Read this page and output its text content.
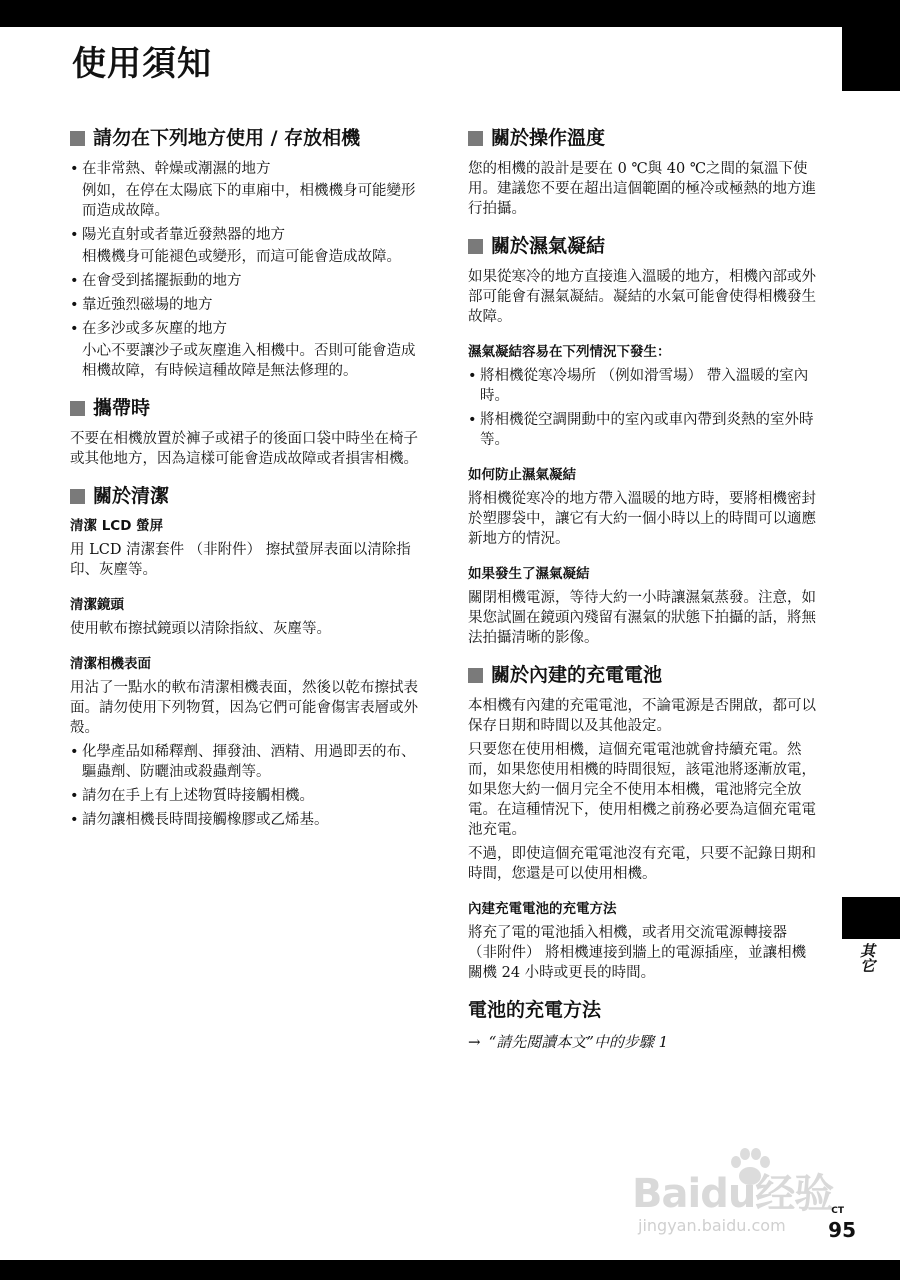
使用須知
請勿在下列地方使用 / 存放相機
• 在非常熱、幹燥或潮濕的地方
例如，在停在太陽底下的車廂中，相機機身可能變形而造成故障。
• 陽光直射或者靠近發熱器的地方
相機機身可能褪色或變形，而這可能會造成故障。
• 在會受到搖擺振動的地方
• 靠近強烈磁場的地方
• 在多沙或多灰塵的地方
小心不要讓沙子或灰塵進入相機中。否則可能會造成相機故障，有時候這種故障是無法修理的。
攜帶時

不要在相機放置於褲子或裙子的後面口袋中時坐在椅子或其他地方，因為這樣可能會造成故障或者損害相機。

關於清潔
清潔 LCD 螢屏

用 LCD 清潔套件 （非附件） 擦拭螢屏表面以清除指印、灰塵等。

清潔鏡頭

使用軟布擦拭鏡頭以清除指紋、灰塵等。

清潔相機表面

用沾了一點水的軟布清潔相機表面，然後以乾布擦拭表面。請勿使用下列物質，因為它們可能會傷害表層或外殼。

• 化學產品如稀釋劑、揮發油、酒精、用過即丟的布、驅蟲劑、防曬油或殺蟲劑等。
• 請勿在手上有上述物質時接觸相機。
• 請勿讓相機長時間接觸橡膠或乙烯基。
關於操作溫度

您的相機的設計是要在 0 ℃與 40 ℃之間的氣溫下使用。建議您不要在超出這個範圍的極冷或極熱的地方進行拍攝。

關於濕氣凝結

如果從寒冷的地方直接進入溫暖的地方，相機內部或外部可能會有濕氣凝結。凝結的水氣可能會使得相機發生故障。

濕氣凝結容易在下列情況下發生：
• 將相機從寒冷場所 （例如滑雪場） 帶入溫暖的室內時。
• 將相機從空調開動中的室內或車內帶到炎熱的室外時等。
如何防止濕氣凝結

將相機從寒冷的地方帶入溫暖的地方時，要將相機密封於塑膠袋中，讓它有大約一個小時以上的時間可以適應新地方的情況。

如果發生了濕氣凝結

關閉相機電源，等待大約一小時讓濕氣蒸發。注意，如果您試圖在鏡頭內殘留有濕氣的狀態下拍攝的話，將無法拍攝清晰的影像。

關於內建的充電電池

本相機有內建的充電電池，不論電源是否開啟，都可以保存日期和時間以及其他設定。

只要您在使用相機，這個充電電池就會持續充電。然而，如果您使用相機的時間很短，該電池將逐漸放電，如果您大約一個月完全不使用本相機，電池將完全放電。在這種情況下，使用相機之前務必要為這個充電電池充電。

不過，即使這個充電電池沒有充電，只要不記錄日期和時間，您還是可以使用相機。

內建充電電池的充電方法

將充了電的電池插入相機，或者用交流電源轉接器 （非附件） 將相機連接到牆上的電源插座，並讓相機關機 24 小時或更長的時間。

電池的充電方法
→ “請先閱讀本文”中的步驟 1
其它
Baidu经验
jingyan.baidu.com
CT
95
